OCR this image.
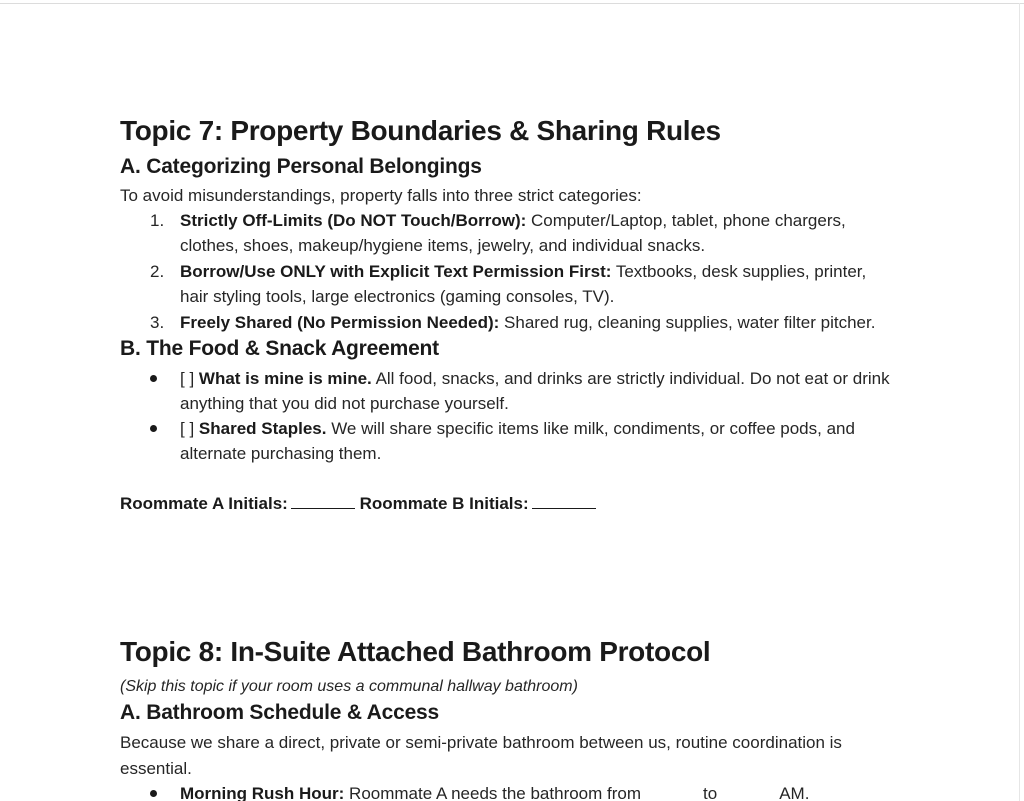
Topic 7: Property Boundaries & Sharing Rules
A. Categorizing Personal Belongings
To avoid misunderstandings, property falls into three strict categories:
1. Strictly Off-Limits (Do NOT Touch/Borrow): Computer/Laptop, tablet, phone chargers, clothes, shoes, makeup/hygiene items, jewelry, and individual snacks.
2. Borrow/Use ONLY with Explicit Text Permission First: Textbooks, desk supplies, printer, hair styling tools, large electronics (gaming consoles, TV).
3. Freely Shared (No Permission Needed): Shared rug, cleaning supplies, water filter pitcher.
B. The Food & Snack Agreement
[ ] What is mine is mine. All food, snacks, and drinks are strictly individual. Do not eat or drink anything that you did not purchase yourself.
[ ] Shared Staples. We will share specific items like milk, condiments, or coffee pods, and alternate purchasing them.
Roommate A Initials:	Roommate B Initials:
Topic 8: In-Suite Attached Bathroom Protocol
(Skip this topic if your room uses a communal hallway bathroom)
A. Bathroom Schedule & Access
Because we share a direct, private or semi-private bathroom between us, routine coordination is essential.
Morning Rush Hour: Roommate A needs the bathroom from	to	AM.
